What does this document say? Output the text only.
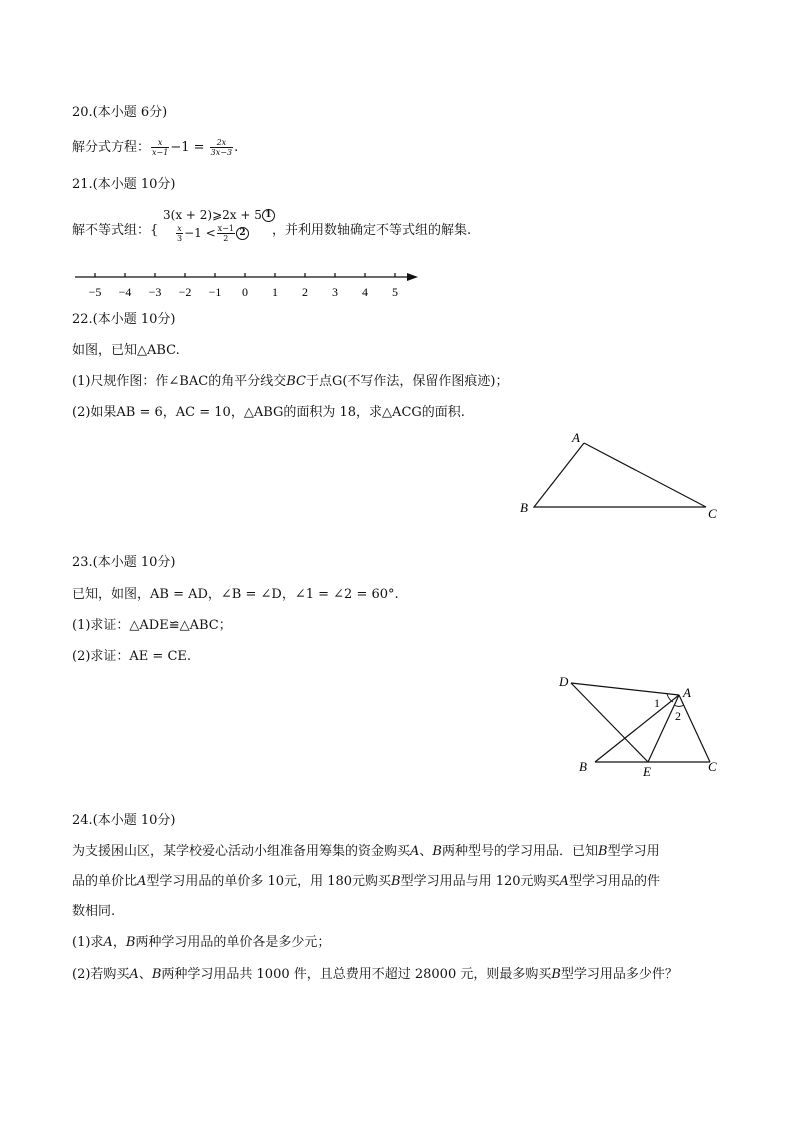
20.(本小题 6分)
解分式方程： $\frac{x}{x-1} -1 = \frac{2x}{3x-3}$ .
21.(本小题 10分)
解不等式组：{
3(x + 2)⩾2x + 5 1
$\frac{x}{3} -1 < \frac{x-1}{2} 2$ ，并利用数轴确定不等式组的解集.
−5 −4 −3 −2 −1 0 1 2 3 4 5
22.(本小题 10分)
如图，已知△ABC.
(1)尺规作图：作∠BAC的角平分线交BC于点G(不写作法，保留作图痕迹)；
(2)如果AB = 6，AC = 10，△ABG的面积为 18，求△ACG的面积.
A
B	C
23.(本小题 10分)
已知，如图，AB = AD，∠B = ∠D，∠1 = ∠2 = 60°.
(1)求证：△ADE≌△ABC；
(2)求证：AE = CE.
D
A
B	E	C
1
2
24.(本小题 10分)
为支援困山区，某学校爱心活动小组准备用筹集的资金购买A、B两种型号的学习用品．已知B型学习用
品的单价比A型学习用品的单价多 10元，用 180元购买B型学习用品与用 120元购买A型学习用品的件
数相同.
(1)求A，B两种学习用品的单价各是多少元；
(2)若购买A、B两种学习用品共 1000 件，且总费用不超过 28000 元，则最多购买B型学习用品多少件？
